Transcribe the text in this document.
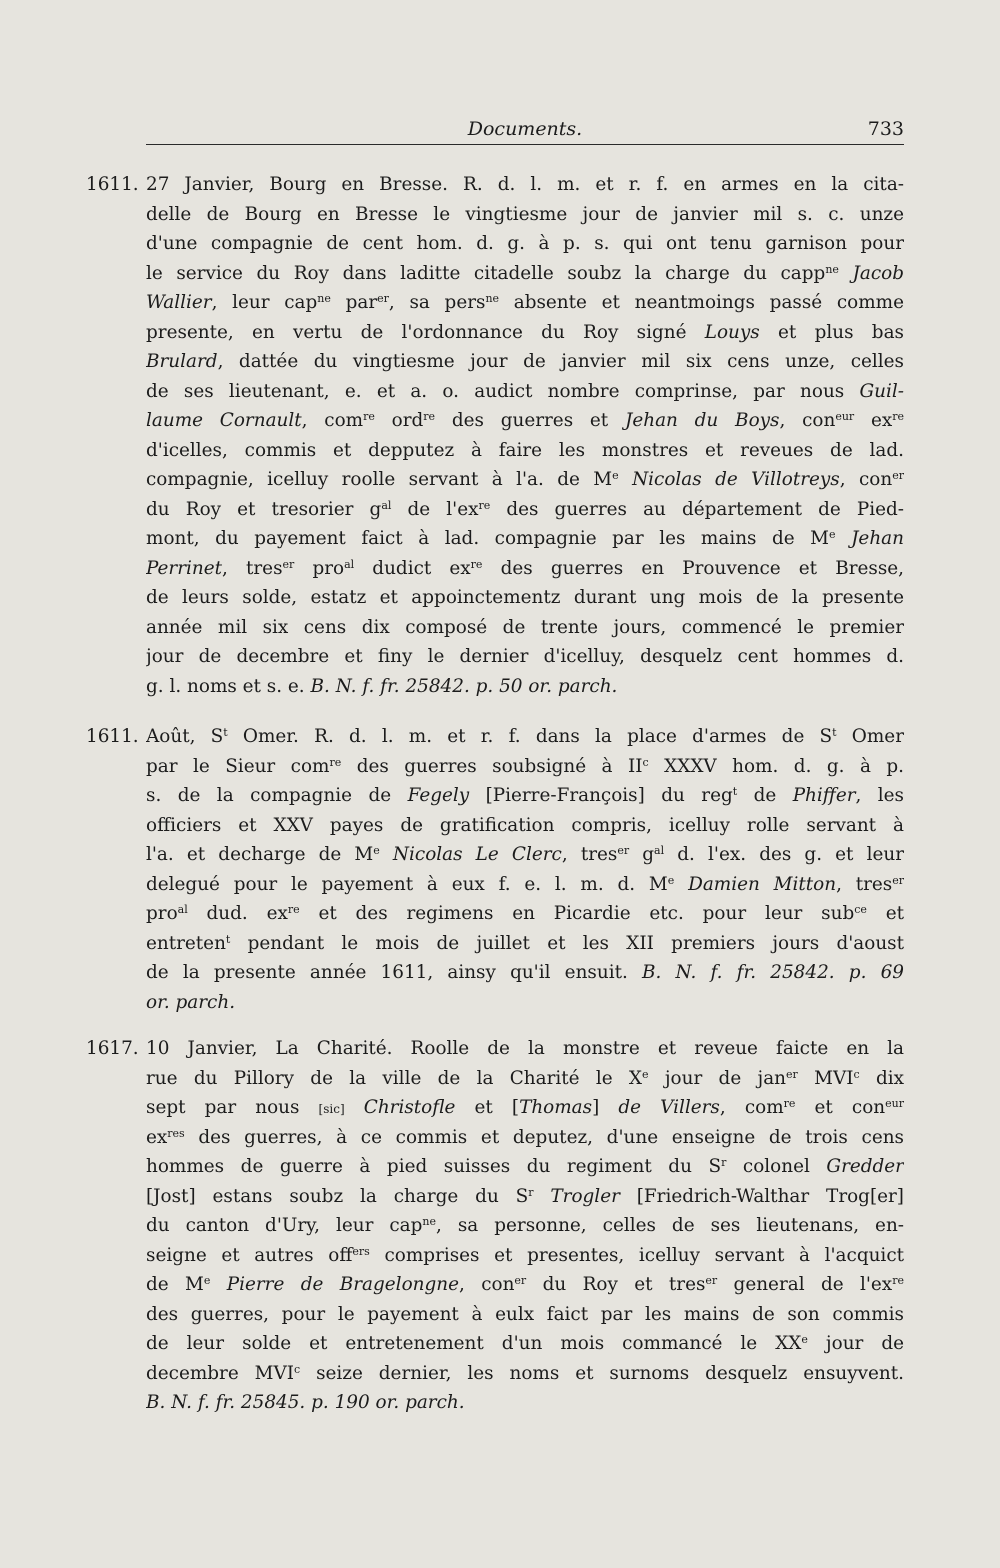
Documents.	733
1611. 27 Janvier, Bourg en Bresse. R. d. l. m. et r. f. en armes en la cita-
delle de Bourg en Bresse le vingtiesme jour de janvier mil s. c. unze
d'une compagnie de cent hom. d. g. à p. s. qui ont tenu garnison pour
le service du Roy dans laditte citadelle soubz la charge du capp$^{ne}$ Jacob
Wallier, leur cap$^{ne}$ par$^{er}$, sa pers$^{ne}$ absente et neantmoings passé comme
presente, en vertu de l'ordonnance du Roy signé Louys et plus bas
Brulard, dattée du vingtiesme jour de janvier mil six cens unze, celles
de ses lieutenant, e. et a. o. audict nombre comprinse, par nous Guil-
laume Cornault, com$^{re}$ ord$^{re}$ des guerres et Jehan du Boys, con$^{eur}$ $ex^{re}$
d'icelles, commis et depputez à faire les monstres et reveues de lad.
compagnie, icelluy roolle servant à l'a. de Me Nicolas de Villotreys, con$^{er}$
du Roy et tresorier $g^{al}$ de $l'ex^{re}$ des guerres au département de Pied-
mont, du payement faict à lad. compagnie par les mains de Me Jehan
Perrinet, tres$^{er}$ pro$^{al}$ dudict $ex^{re}$ des guerres en Prouvence et Bresse,
de leurs solde, estatz et appoinctementz durant ung mois de la presente
année mil six cens dix composé de trente jours, commencé le premier
jour de decembre et finy le dernier d'icelluy, desquelz cent hommes d.
g. l. noms et s. e. B. N. f. fr. 25842. p. 50 or. parch.
1611. Août, $S^t$ Omer. R. d. l. m. et r. f. dans la place d'armes de $S^t$ Omer
par le Sieur com$^{re}$ des guerres soubsigné à $II^c$ XXXV hom. d. g. à p.
s. de la compagnie de Fegely [Pierre-François] du reg$^t$ de Phiffer, les
officiers et XXV payes de gratification compris, icelluy rolle servant à
l'a. et decharge de Me Nicolas Le Clerc, tres$^{er}$ $g^{al}$ d. l'ex. des g. et leur
delegué pour le payement à eux f. e. l. m. d. Me Damien Mitton, tres$^{er}$
pro$^{al}$ dud. $ex^{re}$ et des regimens en Picardie etc. pour leur sub$^{ce}$ et
entreten$^t$ pendant le mois de juillet et les XII premiers jours d'aoust
de la presente année 1611, ainsy qu'il ensuit. B. N. f. fr. 25842. p. 69
or. parch.
1617. 10 Janvier, La Charité. Roolle de la monstre et reveue faicte en la
rue du Pillory de la ville de la Charité le Xe jour de jan$^{er}$ MVI$^c$ dix
sept par nous [sic] Christofle et [Thomas] de Villers, com$^{re}$ et con$^{eur}$
$ex^{res}$ des guerres, à ce commis et deputez, d'une enseigne de trois cens
hommes de guerre à pied suisses du regiment du $S^r$ colonel Gredder
[Jost] estans soubz la charge du $S^r$ Trogler [Friedrich-Walthar Trog[er]
du canton d'Ury, leur cap$^{ne}$, sa personne, celles de ses lieutenans, en-
seigne et autres off$^{ers}$ comprises et presentes, icelluy servant à l'acquict
de Me Pierre de Bragelongne, con$^{er}$ du Roy et tres$^{er}$ general de $l'ex^{re}$
des guerres, pour le payement à eulx faict par les mains de son commis
de leur solde et entretenement d'un mois commancé le XXe jour de
decembre MVI$^c$ seize dernier, les noms et surnoms desquelz ensuyvent.
B. N. f. fr. 25845. p. 190 or. parch.
